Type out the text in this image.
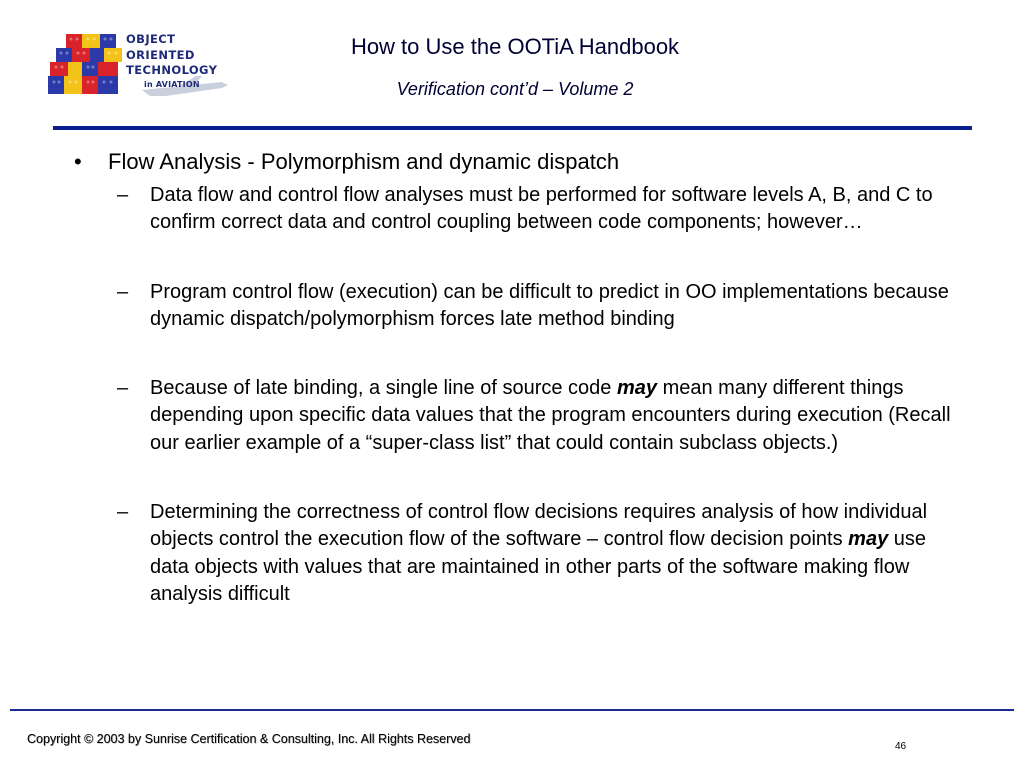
OBJECT
ORIENTED
TECHNOLOGY
in AVIATION
How to Use the OOTiA Handbook
Verification cont’d – Volume 2
•	Flow Analysis - Polymorphism and dynamic dispatch
–	Data flow and control flow analyses must be performed for software levels A, B, and C to confirm correct data and control coupling between code components; however…
–	Program control flow (execution) can be difficult to predict in OO implementations because dynamic dispatch/polymorphism forces late method binding
–	Because of late binding, a single line of source code may mean many different things depending upon specific data values that the program encounters during execution (Recall our earlier example of a “super-class list” that could contain subclass objects.)
–	Determining the correctness of control flow decisions requires analysis of how individual objects control the execution flow of the software – control flow decision points may use data objects with values that are maintained in other parts of the software making flow analysis difficult
Copyright © 2003 by Sunrise Certification & Consulting, Inc. All Rights Reserved
46
